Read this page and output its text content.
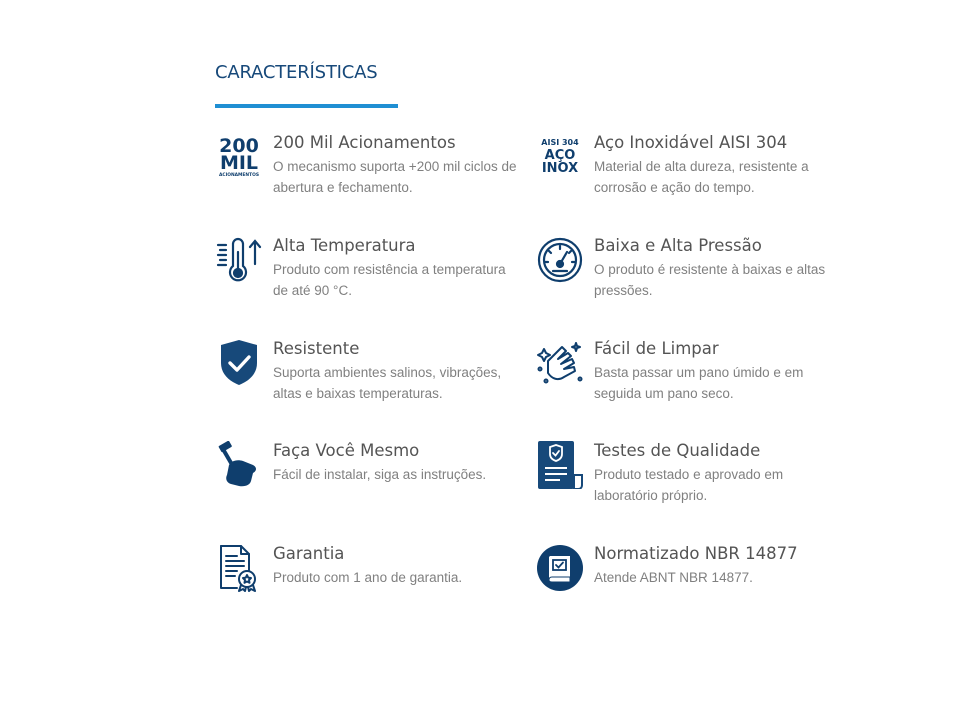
CARACTERÍSTICAS
200
MIL
ACIONAMENTOS

200 Mil Acionamentos

O mecanismo suporta +200 mil ciclos de abertura e fechamento.

AISI 304
AÇO
INOX

Aço Inoxidável AISI 304

Material de alta dureza, resistente a corrosão e ação do tempo.

Alta Temperatura

Produto com resistência a temperatura de até 90 °C.

Baixa e Alta Pressão

O produto é resistente à baixas e altas pressões.

Resistente

Suporta ambientes salinos, vibrações, altas e baixas temperaturas.

Fácil de Limpar

Basta passar um pano úmido e em seguida um pano seco.

Faça Você Mesmo

Fácil de instalar, siga as instruções.

Testes de Qualidade

Produto testado e aprovado em laboratório próprio.

Garantia

Produto com 1 ano de garantia.

Normatizado NBR 14877

Atende ABNT NBR 14877.
